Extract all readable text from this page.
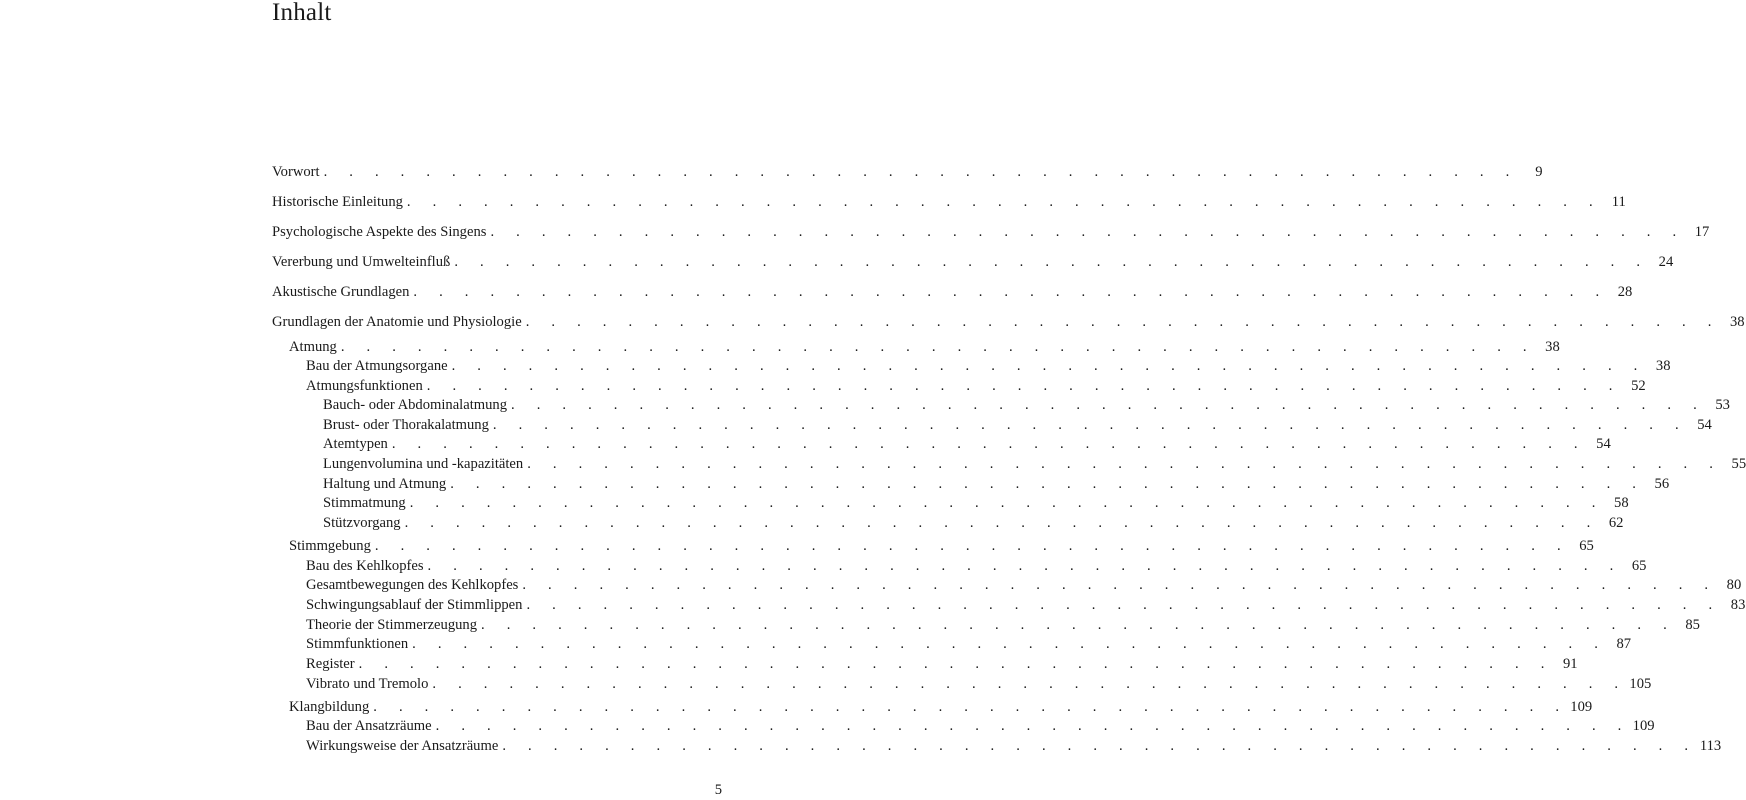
Inhalt
Vorwort . . . . . . . . . . . . . . . . . . . . . . . . . . . . . . . . . . . . . . . . . . . . . . .	9
Historische Einleitung . . . . . . . . . . . . . . . . . . . . . . . . . . . . . . . . . . . . . . . . . . . . . . . 11
Psychologische Aspekte des Singens . . . . . . . . . . . . . . . . . . . . . . . . . . . . . . . . . . . . . . . . . . . . . . . 17
Vererbung und Umwelteinfluß . . . . . . . . . . . . . . . . . . . . . . . . . . . . . . . . . . . . . . . . . . . . . . . 24
Akustische Grundlagen . . . . . . . . . . . . . . . . . . . . . . . . . . . . . . . . . . . . . . . . . . . . . . . 28
Grundlagen der Anatomie und Physiologie . . . . . . . . . . . . . . . . . . . . . . . . . . . . . . . . . . . . . . . . . . . . . . . 38
Atmung . . . . . . . . . . . . . . . . . . . . . . . . . . . . . . . . . . . . . . . . . . . . . . . 38
Bau der Atmungsorgane . . . . . . . . . . . . . . . . . . . . . . . . . . . . . . . . . . . . . . . . . . . . . . . 38
Atmungsfunktionen . . . . . . . . . . . . . . . . . . . . . . . . . . . . . . . . . . . . . . . . . . . . . . . 52
Bauch- oder Abdominalatmung . . . . . . . . . . . . . . . . . . . . . . . . . . . . . . . . . . . . . . . . . . . . . . . 53
Brust- oder Thorakalatmung . . . . . . . . . . . . . . . . . . . . . . . . . . . . . . . . . . . . . . . . . . . . . . . 54
Atemtypen . . . . . . . . . . . . . . . . . . . . . . . . . . . . . . . . . . . . . . . . . . . . . . . 54
Lungenvolumina und -kapazitäten . . . . . . . . . . . . . . . . . . . . . . . . . . . . . . . . . . . . . . . . . . . . . . . 55
Haltung und Atmung . . . . . . . . . . . . . . . . . . . . . . . . . . . . . . . . . . . . . . . . . . . . . . . 56
Stimmatmung . . . . . . . . . . . . . . . . . . . . . . . . . . . . . . . . . . . . . . . . . . . . . . . 58
Stützvorgang . . . . . . . . . . . . . . . . . . . . . . . . . . . . . . . . . . . . . . . . . . . . . . . 62
Stimmgebung . . . . . . . . . . . . . . . . . . . . . . . . . . . . . . . . . . . . . . . . . . . . . . . 65
Bau des Kehlkopfes . . . . . . . . . . . . . . . . . . . . . . . . . . . . . . . . . . . . . . . . . . . . . . . 65
Gesamtbewegungen des Kehlkopfes . . . . . . . . . . . . . . . . . . . . . . . . . . . . . . . . . . . . . . . . . . . . . . . 80
Schwingungsablauf der Stimmlippen . . . . . . . . . . . . . . . . . . . . . . . . . . . . . . . . . . . . . . . . . . . . . . . 83
Theorie der Stimmerzeugung . . . . . . . . . . . . . . . . . . . . . . . . . . . . . . . . . . . . . . . . . . . . . . . 85
Stimmfunktionen . . . . . . . . . . . . . . . . . . . . . . . . . . . . . . . . . . . . . . . . . . . . . . . 87
Register . . . . . . . . . . . . . . . . . . . . . . . . . . . . . . . . . . . . . . . . . . . . . . . 91
Vibrato und Tremolo . . . . . . . . . . . . . . . . . . . . . . . . . . . . . . . . . . . . . . . . . . . . . . . 105
Klangbildung . . . . . . . . . . . . . . . . . . . . . . . . . . . . . . . . . . . . . . . . . . . . . . . 109
Bau der Ansatzräume . . . . . . . . . . . . . . . . . . . . . . . . . . . . . . . . . . . . . . . . . . . . . . . 109
Wirkungsweise der Ansatzräume . . . . . . . . . . . . . . . . . . . . . . . . . . . . . . . . . . . . . . . . . . . . . . . 113
5
